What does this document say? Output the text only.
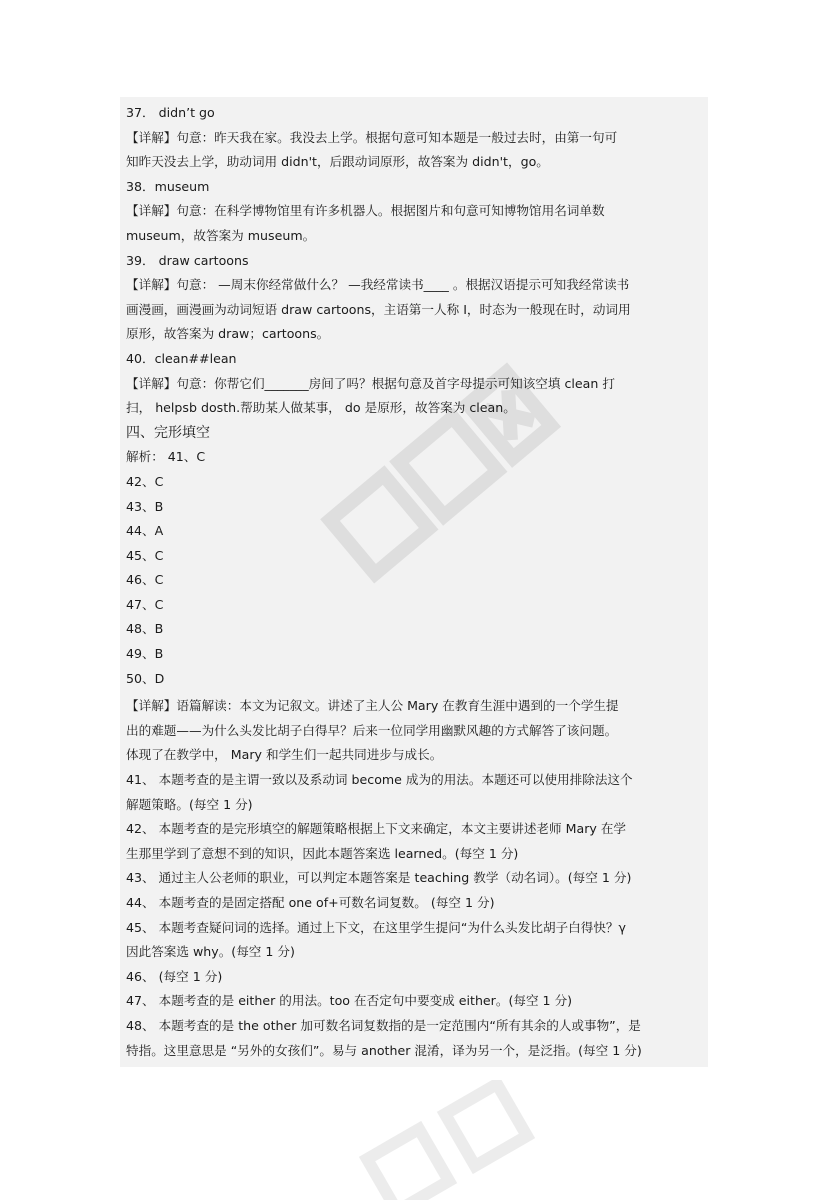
37． didn’t go

【详解】句意：昨天我在家。我没去上学。根据句意可知本题是一般过去时，由第一句可

知昨天没去上学，助动词用 didn't，后跟动词原形，故答案为 didn't，go。

38．museum

【详解】句意：在科学博物馆里有许多机器人。根据图片和句意可知博物馆用名词单数

museum，故答案为 museum。

39． draw cartoons

【详解】句意： —周末你经常做什么？ —我经常读书____ 。根据汉语提示可知我经常读书

画漫画，画漫画为动词短语 draw cartoons，主语第一人称 I，时态为一般现在时，动词用

原形，故答案为 draw；cartoons。

40．clean##lean

【详解】句意：你帮它们_______房间了吗？根据句意及首字母提示可知该空填 clean 打

扫， helpsb dosth.帮助某人做某事， do 是原形，故答案为 clean。

四、完形填空

解析： 41、C

42、C

43、B

44、A

45、C

46、C

47、C

48、B

49、B

50、D

【详解】语篇解读：本文为记叙文。讲述了主人公 Mary 在教育生涯中遇到的一个学生提

出的难题——为什么头发比胡子白得早？后来一位同学用幽默风趣的方式解答了该问题。

体现了在教学中， Mary 和学生们一起共同进步与成长。

41、 本题考查的是主谓一致以及系动词 become 成为的用法。本题还可以使用排除法这个

解题策略。(每空 1 分)

42、 本题考查的是完形填空的解题策略根据上下文来确定，本文主要讲述老师 Mary 在学

生那里学到了意想不到的知识，因此本题答案选 learned。(每空 1 分)

43、 通过主人公老师的职业，可以判定本题答案是 teaching 教学（动名词）。(每空 1 分)

44、 本题考查的是固定搭配 one of+可数名词复数。 (每空 1 分)

45、 本题考查疑问词的选择。通过上下文，在这里学生提问“为什么头发比胡子白得快？γ

因此答案选 why。(每空 1 分)

46、 (每空 1 分)

47、 本题考查的是 either 的用法。too 在否定句中要变成 either。(每空 1 分)

48、 本题考查的是 the other 加可数名词复数指的是一定范围内“所有其余的人或事物”，是

特指。这里意思是 “另外的女孩们”。易与 another 混淆，译为另一个，是泛指。(每空 1 分)
